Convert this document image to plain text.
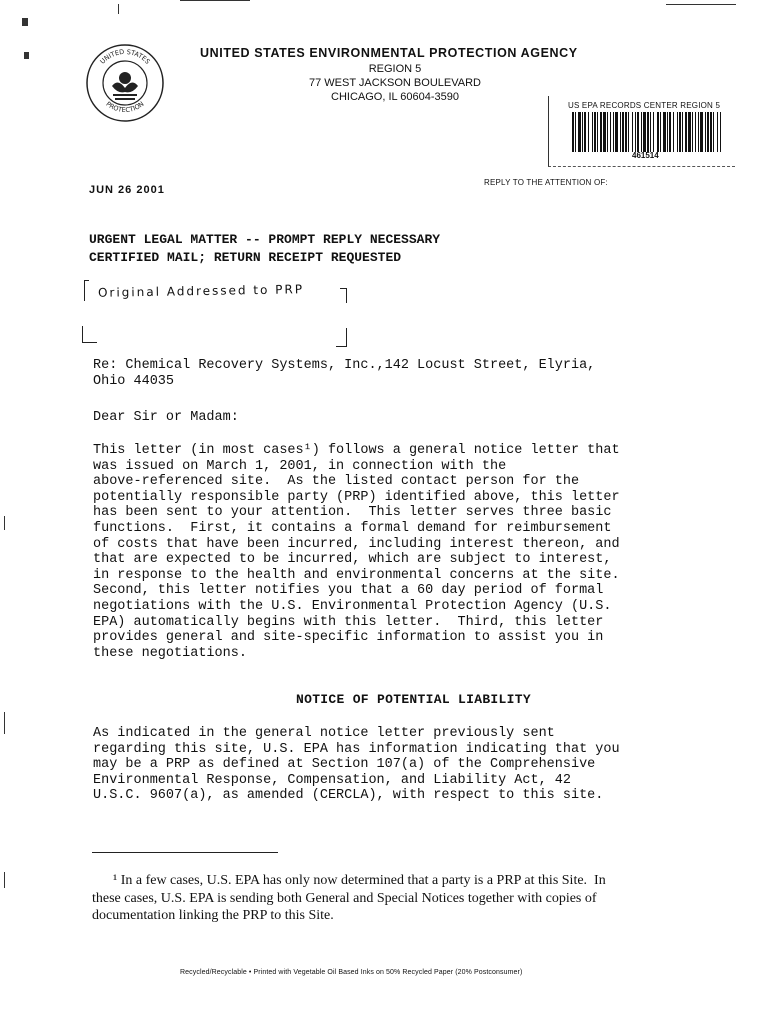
UNITED STATES
PROTECTION
UNITED STATES ENVIRONMENTAL PROTECTION AGENCY
REGION 5
77 WEST JACKSON BOULEVARD
CHICAGO, IL 60604-3590
US EPA RECORDS CENTER REGION 5
461514
REPLY TO THE ATTENTION OF:
JUN 26 2001
URGENT LEGAL MATTER -- PROMPT REPLY NECESSARY
CERTIFIED MAIL; RETURN RECEIPT REQUESTED
Original Addressed to PRP
Re: Chemical Recovery Systems, Inc.,142 Locust Street, Elyria,
Ohio 44035
Dear Sir or Madam:
This letter (in most cases¹) follows a general notice letter that
was issued on March 1, 2001, in connection with the
above-referenced site.  As the listed contact person for the
potentially responsible party (PRP) identified above, this letter
has been sent to your attention.  This letter serves three basic
functions.  First, it contains a formal demand for reimbursement
of costs that have been incurred, including interest thereon, and
that are expected to be incurred, which are subject to interest,
in response to the health and environmental concerns at the site.
Second, this letter notifies you that a 60 day period of formal
negotiations with the U.S. Environmental Protection Agency (U.S.
EPA) automatically begins with this letter.  Third, this letter
provides general and site-specific information to assist you in
these negotiations.
NOTICE OF POTENTIAL LIABILITY
As indicated in the general notice letter previously sent
regarding this site, U.S. EPA has information indicating that you
may be a PRP as defined at Section 107(a) of the Comprehensive
Environmental Response, Compensation, and Liability Act, 42
U.S.C. 9607(a), as amended (CERCLA), with respect to this site.
¹ In a few cases, U.S. EPA has only now determined that a party is a PRP at this Site.  In
these cases, U.S. EPA is sending both General and Special Notices together with copies of
documentation linking the PRP to this Site.
Recycled/Recyclable • Printed with Vegetable Oil Based Inks on 50% Recycled Paper (20% Postconsumer)
